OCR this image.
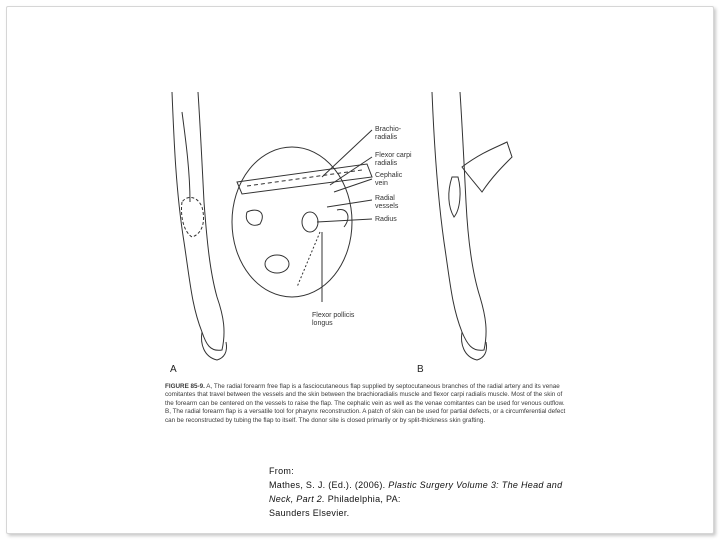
Brachio-radialis
Flexor carpi radialis
Cephalic vein
Radial vessels
Radius
Flexor pollicis longus
A	B
FIGURE 85-9. A, The radial forearm free flap is a fasciocutaneous flap supplied by septocutaneous branches of the radial artery and its venae comitantes that travel between the vessels and the skin between the brachioradialis muscle and flexor carpi radialis muscle. Most of the skin of the forearm can be centered on the vessels to raise the flap. The cephalic vein as well as the venae comitantes can be used for venous outflow. B, The radial forearm flap is a versatile tool for pharynx reconstruction. A patch of skin can be used for partial defects, or a circumferential defect can be reconstructed by tubing the flap to itself. The donor site is closed primarily or by split-thickness skin grafting.
From:
Mathes, S. J. (Ed.). (2006). Plastic Surgery Volume 3: The Head and Neck, Part 2. Philadelphia, PA:
Saunders Elsevier.
